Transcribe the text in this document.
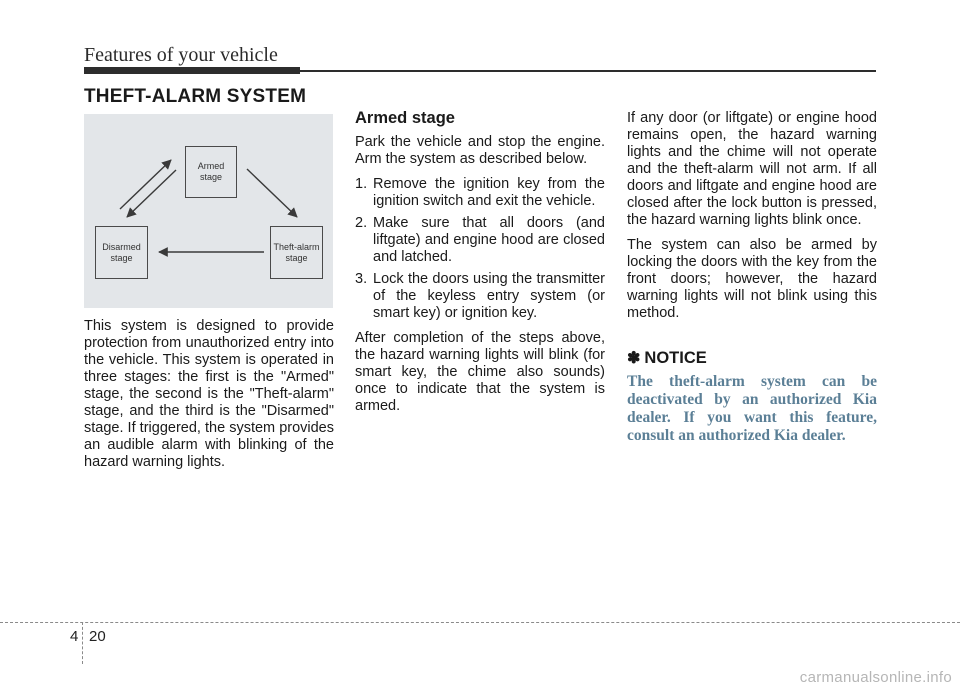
Features of your vehicle
THEFT-ALARM SYSTEM
Armed stage
Disarmed stage
Theft-alarm stage

This system is designed to provide protection from unauthorized entry into the vehicle. This system is operated in three stages: the first is the "Armed" stage, the second is the "Theft-alarm" stage, and the third is the "Disarmed" stage. If triggered, the system provides an audible alarm with blinking of the hazard warning lights.

Armed stage

Park the vehicle and stop the engine. Arm the system as described below.

1. Remove the ignition key from the ignition switch and exit the vehicle.
2. Make sure that all doors (and liftgate) and engine hood are closed and latched.
3. Lock the doors using the transmitter of the keyless entry system (or smart key) or ignition key.

After completion of the steps above, the hazard warning lights will blink (for smart key, the chime also sounds) once to indicate that the system is armed.

If any door (or liftgate) or engine hood remains open, the hazard warning lights and the chime will not operate and the theft-alarm will not arm. If all doors and liftgate and engine hood are closed after the lock button is pressed, the hazard warning lights blink once.

The system can also be armed by locking the doors with the key from the front doors; however, the hazard warning lights will not blink using this method.

✽ NOTICE
The theft-alarm system can be deactivated by an authorized Kia dealer. If you want this feature, consult an authorized Kia dealer.
4 20
carmanualsonline.info
